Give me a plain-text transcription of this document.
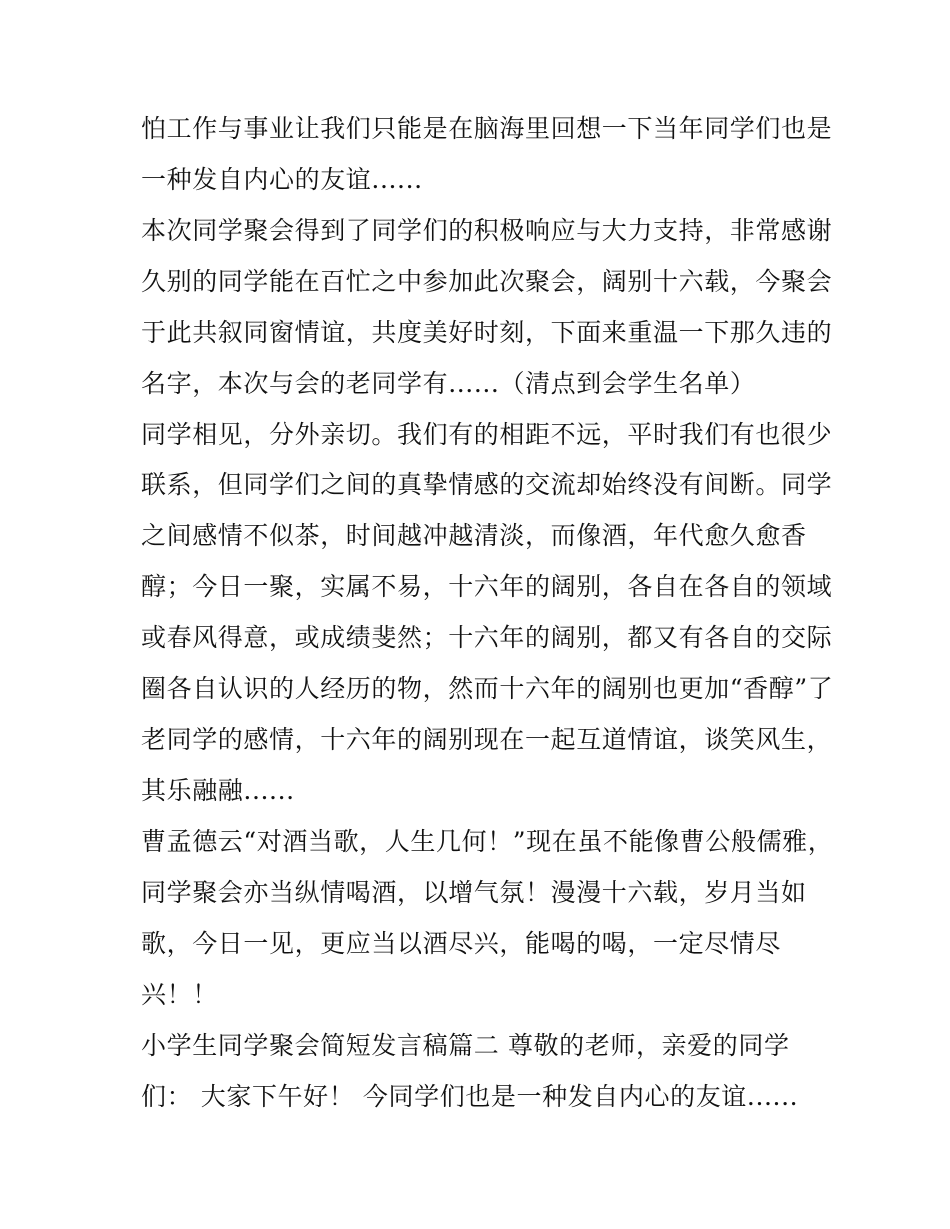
怕工作与事业让我们只能是在脑海里回想一下当年同学们也是
一种发自内心的友谊......
本次同学聚会得到了同学们的积极响应与大力支持，非常感谢
久别的同学能在百忙之中参加此次聚会，阔别十六载，今聚会
于此共叙同窗情谊，共度美好时刻，下面来重温一下那久违的
名字，本次与会的老同学有......（清点到会学生名单）
同学相见，分外亲切。我们有的相距不远，平时我们有也很少
联系，但同学们之间的真挚情感的交流却始终没有间断。同学
之间感情不似茶，时间越冲越清淡，而像酒，年代愈久愈香
醇；今日一聚，实属不易，十六年的阔别，各自在各自的领域
或春风得意，或成绩斐然；十六年的阔别，都又有各自的交际
圈各自认识的人经历的物，然而十六年的阔别也更加“香醇”了
老同学的感情，十六年的阔别现在一起互道情谊，谈笑风生，
其乐融融......
曹孟德云“对酒当歌，人生几何！”现在虽不能像曹公般儒雅，
同学聚会亦当纵情喝酒，以增气氛！漫漫十六载，岁月当如
歌，今日一见，更应当以酒尽兴，能喝的喝，一定尽情尽
兴！！
小学生同学聚会简短发言稿篇二 尊敬的老师，亲爱的同学
们： 大家下午好！ 今同学们也是一种发自内心的友谊......
